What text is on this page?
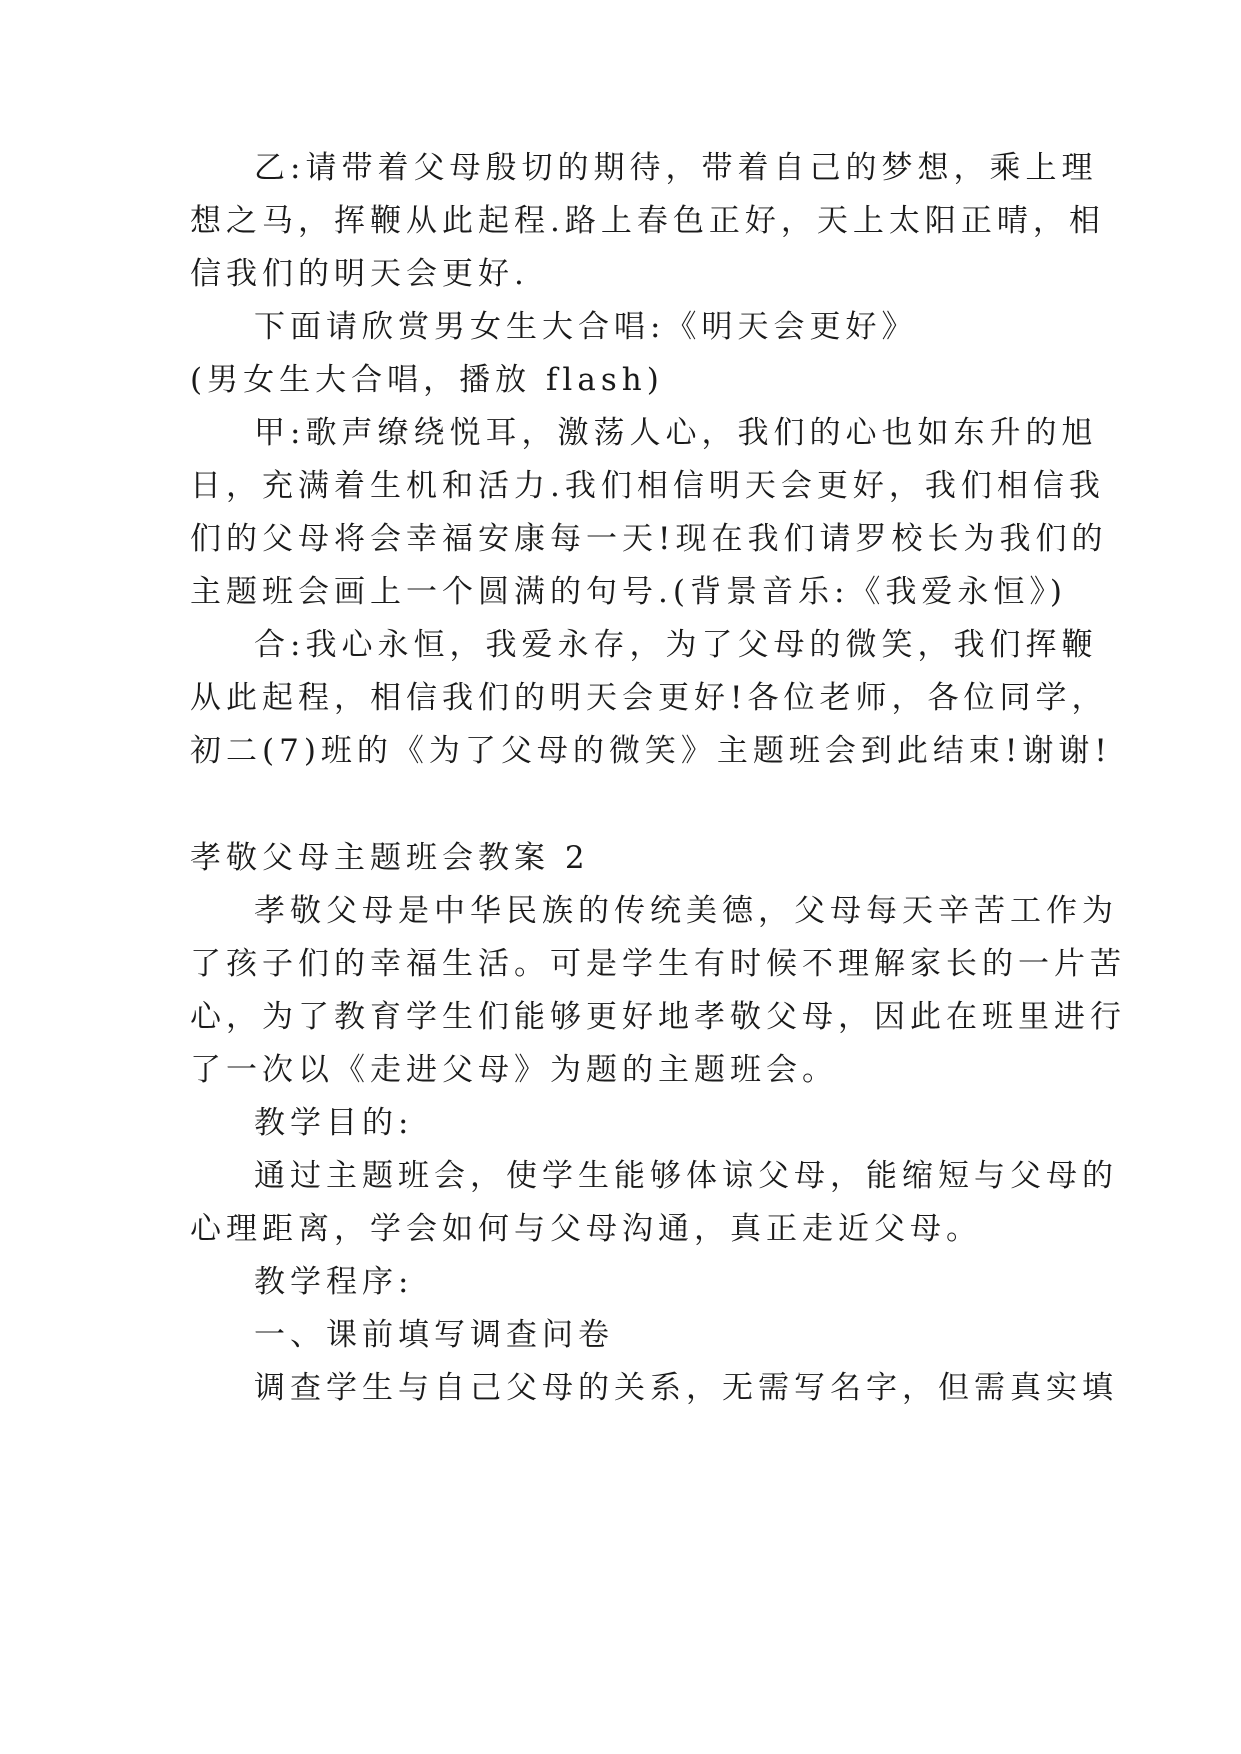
乙:请带着父母殷切的期待，带着自己的梦想，乘上理
想之马，挥鞭从此起程.路上春色正好，天上太阳正晴，相
信我们的明天会更好.
下面请欣赏男女生大合唱:《明天会更好》
(男女生大合唱，播放 flash)
甲:歌声缭绕悦耳，激荡人心，我们的心也如东升的旭
日，充满着生机和活力.我们相信明天会更好，我们相信我
们的父母将会幸福安康每一天!现在我们请罗校长为我们的
主题班会画上一个圆满的句号.(背景音乐:《我爱永恒》)
合:我心永恒，我爱永存，为了父母的微笑，我们挥鞭
从此起程，相信我们的明天会更好!各位老师，各位同学，
初二(7)班的《为了父母的微笑》主题班会到此结束!谢谢!
孝敬父母主题班会教案 2
孝敬父母是中华民族的传统美德，父母每天辛苦工作为
了孩子们的幸福生活。可是学生有时候不理解家长的一片苦
心，为了教育学生们能够更好地孝敬父母，因此在班里进行
了一次以《走进父母》为题的主题班会。
教学目的:
通过主题班会，使学生能够体谅父母，能缩短与父母的
心理距离，学会如何与父母沟通，真正走近父母。
教学程序:
一、课前填写调查问卷
调查学生与自己父母的关系，无需写名字，但需真实填
